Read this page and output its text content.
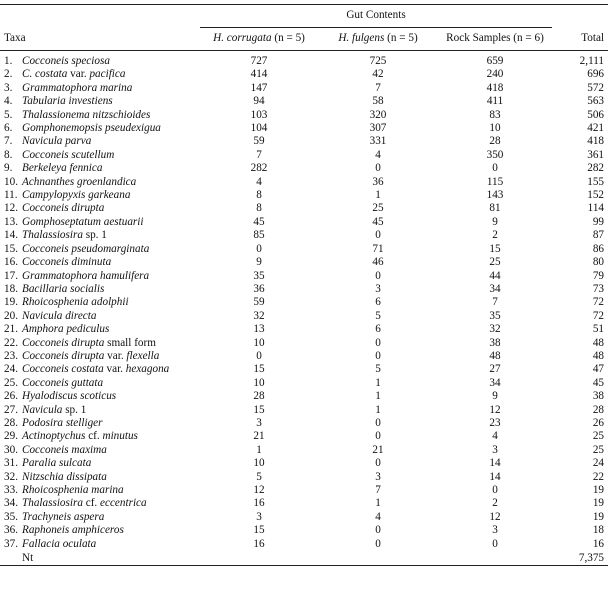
		Gut Contents			
Taxa		H. corrugata (n = 5)	H. fulgens (n = 5)	Rock Samples (n = 6)	Total
1.	Cocconeis speciosa	727	725	659	2,111
2.	C. costata var. pacifica	414	42	240	696
3.	Grammatophora marina	147	7	418	572
4.	Tabularia investiens	94	58	411	563
5.	Thalassionema nitzschioides	103	320	83	506
6.	Gomphonemopsis pseudexigua	104	307	10	421
7.	Navicula parva	59	331	28	418
8.	Cocconeis scutellum	7	4	350	361
9.	Berkeleya fennica	282	0	0	282
10.	Achnanthes groenlandica	4	36	115	155
11.	Campylopyxis garkeana	8	1	143	152
12.	Cocconeis dirupta	8	25	81	114
13.	Gomphoseptatum aestuarii	45	45	9	99
14.	Thalassiosira sp. 1	85	0	2	87
15.	Cocconeis pseudomarginata	0	71	15	86
16.	Cocconeis diminuta	9	46	25	80
17.	Grammatophora hamulifera	35	0	44	79
18.	Bacillaria socialis	36	3	34	73
19.	Rhoicosphenia adolphii	59	6	7	72
20.	Navicula directa	32	5	35	72
21.	Amphora pediculus	13	6	32	51
22.	Cocconeis dirupta small form	10	0	38	48
23.	Cocconeis dirupta var. flexella	0	0	48	48
24.	Cocconeis costata var. hexagona	15	5	27	47
25.	Cocconeis guttata	10	1	34	45
26.	Hyalodiscus scoticus	28	1	9	38
27.	Navicula sp. 1	15	1	12	28
28.	Podosira stelliger	3	0	23	26
29.	Actinoptychus cf. minutus	21	0	4	25
30.	Cocconeis maxima	1	21	3	25
31.	Paralia sulcata	10	0	14	24
32.	Nitzschia dissipata	5	3	14	22
33.	Rhoicosphenia marina	12	7	0	19
34.	Thalassiosira cf. eccentrica	16	1	2	19
35.	Trachyneis aspera	3	4	12	19
36.	Raphoneis amphiceros	15	0	3	18
37.	Fallacia oculata	16	0	0	16
	Nt				7,375
